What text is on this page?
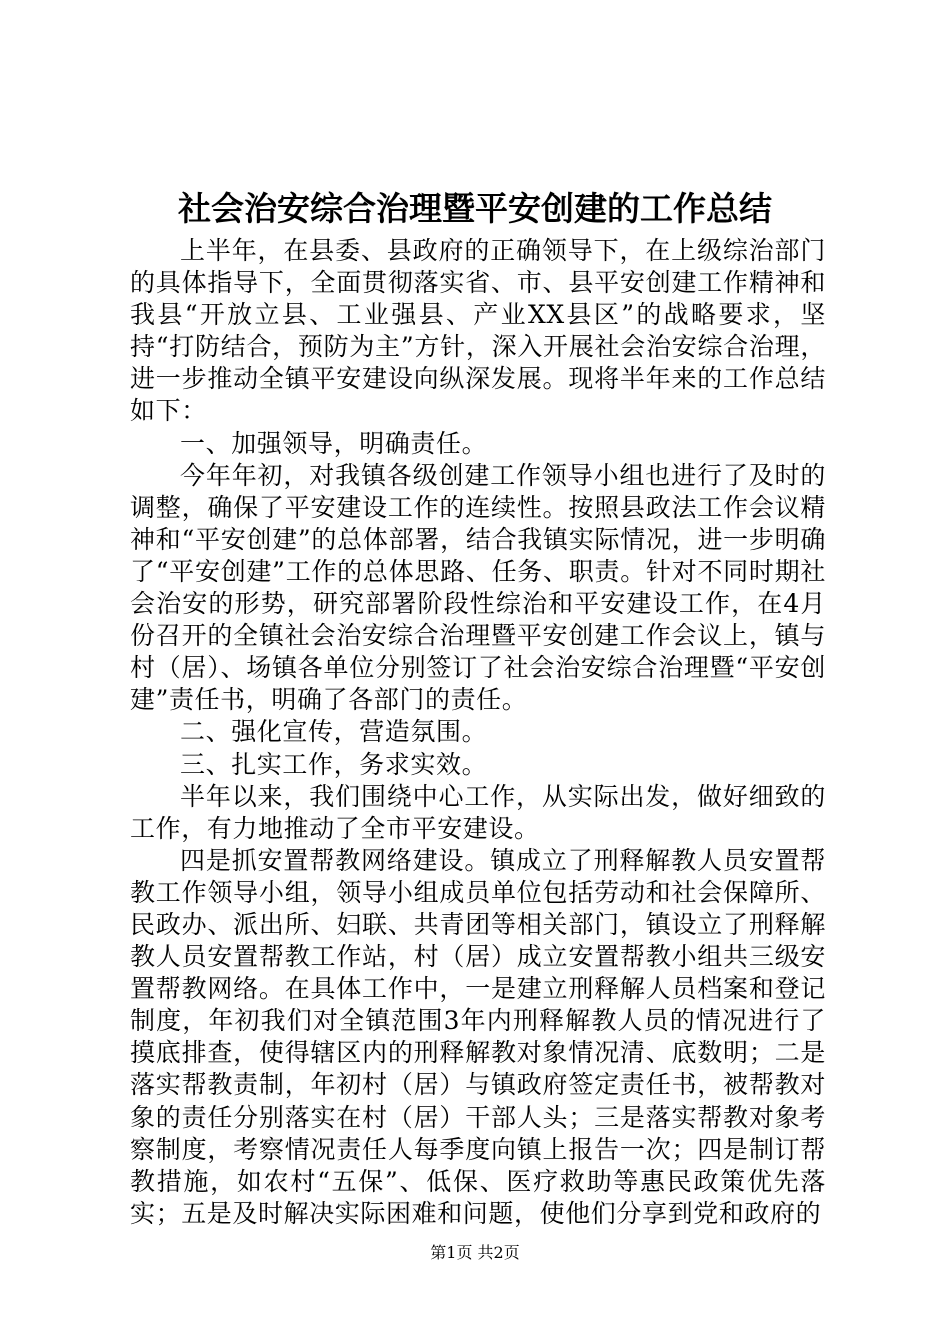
社会治安综合治理暨平安创建的工作总结

上半年，在县委、县政府的正确领导下，在上级综治部门的具体指导下，全面贯彻落实省、市、县平安创建工作精神和我县“开放立县、工业强县、产业XX县区”的战略要求，坚持“打防结合，预防为主”方针，深入开展社会治安综合治理，进一步推动全镇平安建设向纵深发展。现将半年来的工作总结如下：

一、加强领导，明确责任。

今年年初，对我镇各级创建工作领导小组也进行了及时的调整，确保了平安建设工作的连续性。按照县政法工作会议精神和“平安创建”的总体部署，结合我镇实际情况，进一步明确了“平安创建”工作的总体思路、任务、职责。针对不同时期社会治安的形势，研究部署阶段性综治和平安建设工作，在4月份召开的全镇社会治安综合治理暨平安创建工作会议上，镇与村（居）、场镇各单位分别签订了社会治安综合治理暨“平安创建”责任书，明确了各部门的责任。

二、强化宣传，营造氛围。

三、扎实工作，务求实效。

半年以来，我们围绕中心工作，从实际出发，做好细致的工作，有力地推动了全市平安建设。

四是抓安置帮教网络建设。镇成立了刑释解教人员安置帮教工作领导小组，领导小组成员单位包括劳动和社会保障所、民政办、派出所、妇联、共青团等相关部门，镇设立了刑释解教人员安置帮教工作站，村（居）成立安置帮教小组共三级安置帮教网络。在具体工作中，一是建立刑释解人员档案和登记制度，年初我们对全镇范围3年内刑释解教人员的情况进行了摸底排查，使得辖区内的刑释解教对象情况清、底数明；二是落实帮教责制，年初村（居）与镇政府签定责任书，被帮教对象的责任分别落实在村（居）干部人头；三是落实帮教对象考察制度，考察情况责任人每季度向镇上报告一次；四是制订帮教措施，如农村“五保”、低保、医疗救助等惠民政策优先落实；五是及时解决实际困难和问题，使他们分享到党和政府的

第1页 共2页
